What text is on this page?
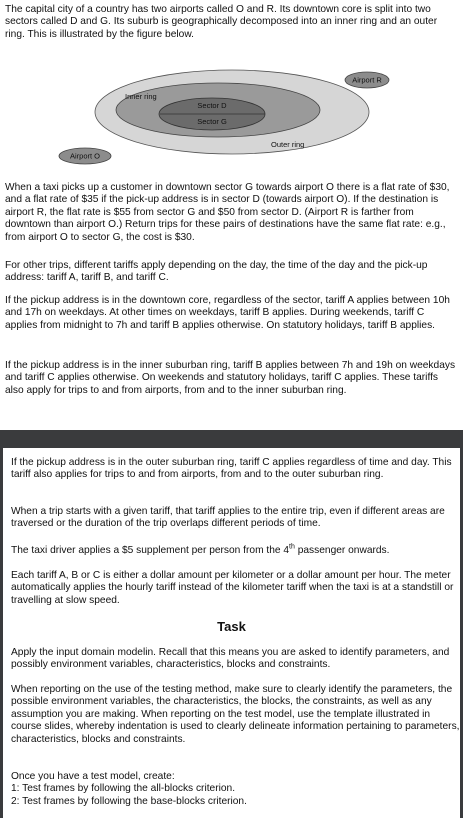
The capital city of a country has two airports called O and R. Its downtown core is split into two sectors called D and G. Its suburb is geographically decomposed into an inner ring and an outer ring. This is illustrated by the figure below.

Airport R
Airport O
Inner ring
Outer ring
Sector D
Sector G

When a taxi picks up a customer in downtown sector G towards airport O there is a flat rate of $30, and a flat rate of $35 if the pick-up address is in sector D (towards airport O). If the destination is airport R, the flat rate is $55 from sector G and $50 from sector D. (Airport R is farther from downtown than airport O.) Return trips for these pairs of destinations have the same flat rate: e.g., from airport O to sector G, the cost is $30.

For other trips, different tariffs apply depending on the day, the time of the day and the pick-up address: tariff A, tariff B, and tariff C.

If the pickup address is in the downtown core, regardless of the sector, tariff A applies between 10h and 17h on weekdays. At other times on weekdays, tariff B applies. During weekends, tariff C applies from midnight to 7h and tariff B applies otherwise. On statutory holidays, tariff B applies.

If the pickup address is in the inner suburban ring, tariff B applies between 7h and 19h on weekdays and tariff C applies otherwise. On weekends and statutory holidays, tariff C applies. These tariffs also apply for trips to and from airports, from and to the inner suburban ring.

If the pickup address is in the outer suburban ring, tariff C applies regardless of time and day. This tariff also applies for trips to and from airports, from and to the outer suburban ring.

When a trip starts with a given tariff, that tariff applies to the entire trip, even if different areas are traversed or the duration of the trip overlaps different periods of time.

The taxi driver applies a $5 supplement per person from the 4th passenger onwards.

Each tariff A, B or C is either a dollar amount per kilometer or a dollar amount per hour. The meter automatically applies the hourly tariff instead of the kilometer tariff when the taxi is at a standstill or travelling at slow speed.

Task

Apply the input domain modelin. Recall that this means you are asked to identify parameters, and possibly environment variables, characteristics, blocks and constraints.

When reporting on the use of the testing method, make sure to clearly identify the parameters, the possible environment variables, the characteristics, the blocks, the constraints, as well as any assumption you are making. When reporting on the test model, use the template illustrated in course slides, whereby indentation is used to clearly delineate information pertaining to parameters, characteristics, blocks and constraints.

Once you have a test model, create:
1: Test frames by following the all-blocks criterion.
2: Test frames by following the base-blocks criterion.
